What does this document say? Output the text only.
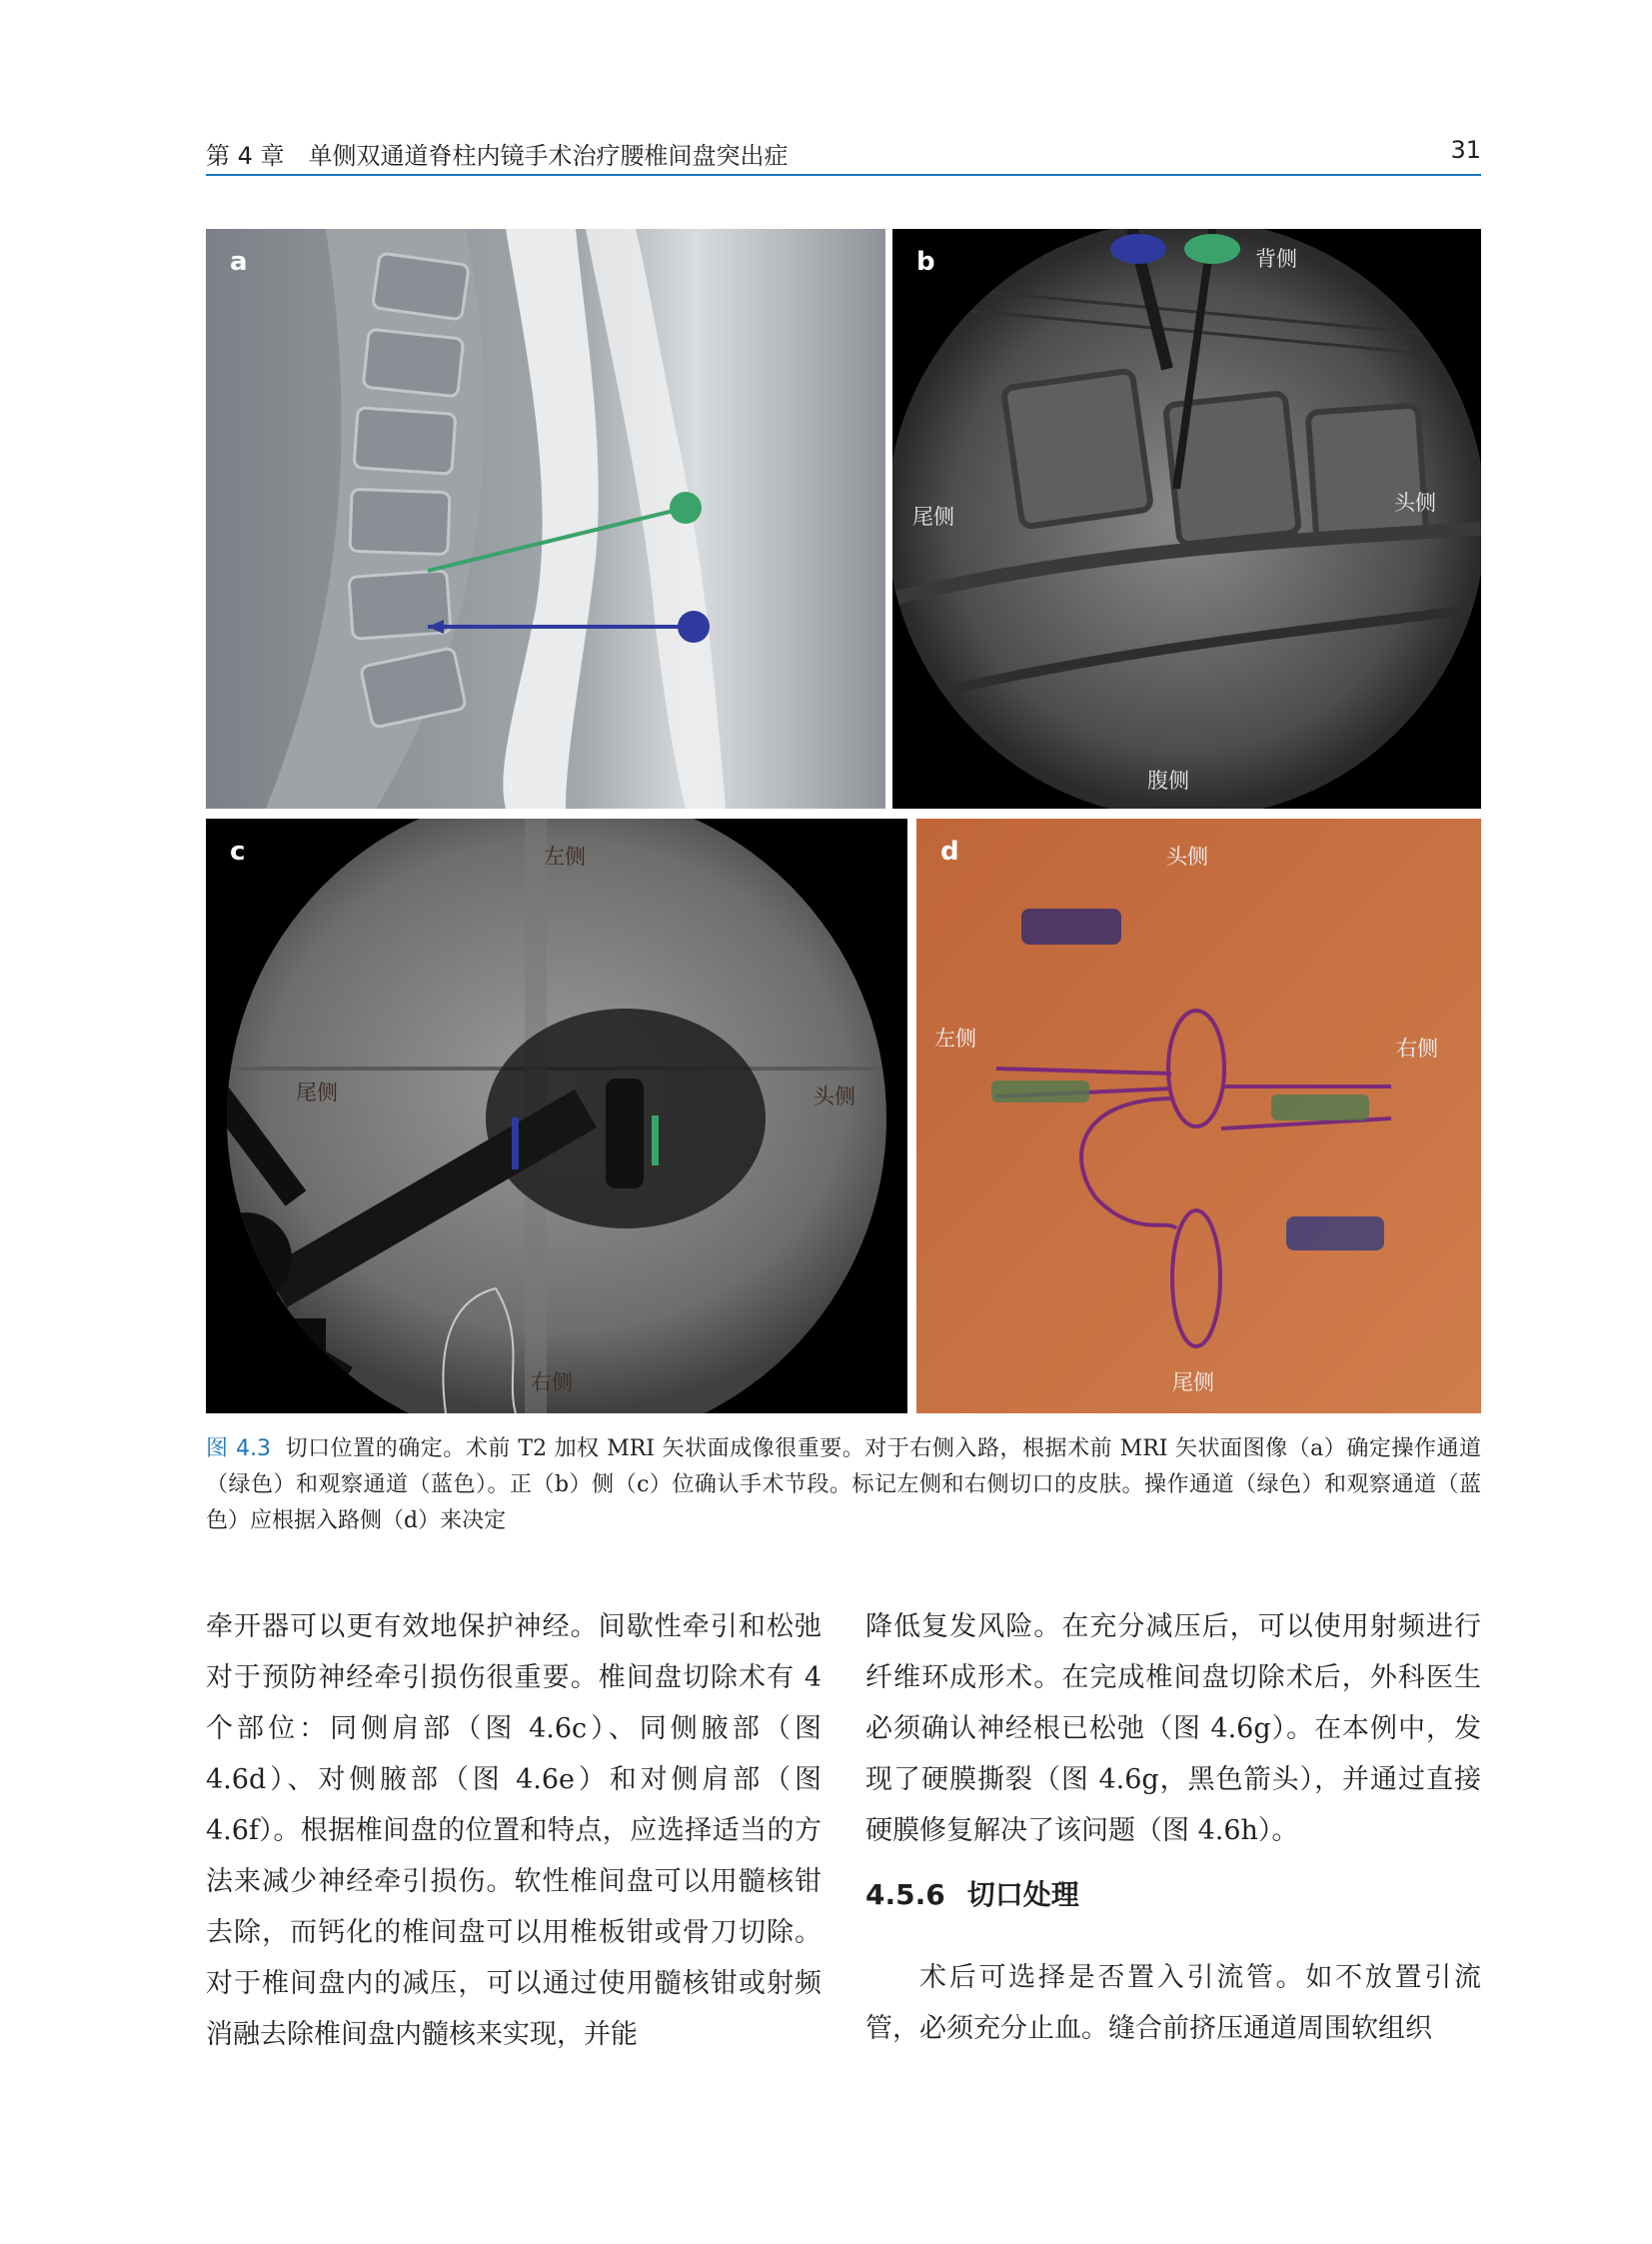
第 4 章　单侧双通道脊柱内镜手术治疗腰椎间盘突出症	31
a
F
b	背侧
尾侧
头侧
腹侧
c	左侧
尾侧	头侧
右侧
d	头侧
左侧	右侧
尾侧
图 4.3 切口位置的确定。术前 T2 加权 MRI 矢状面成像很重要。对于右侧入路，根据术前 MRI 矢状面图像（a）确定操作通道（绿色）和观察通道（蓝色）。正（b）侧（c）位确认手术节段。标记左侧和右侧切口的皮肤。操作通道（绿色）和观察通道（蓝色）应根据入路侧（d）来决定

牵开器可以更有效地保护神经。间歇性牵引和松弛对于预防神经牵引损伤很重要。椎间盘切除术有 4 个部位：同侧肩部（图 4.6c）、同侧腋部（图 4.6d）、对侧腋部（图 4.6e）和对侧肩部（图 4.6f）。根据椎间盘的位置和特点，应选择适当的方法来减少神经牵引损伤。软性椎间盘可以用髓核钳去除，而钙化的椎间盘可以用椎板钳或骨刀切除。对于椎间盘内的减压，可以通过使用髓核钳或射频消融去除椎间盘内髓核来实现，并能

降低复发风险。在充分减压后，可以使用射频进行纤维环成形术。在完成椎间盘切除术后，外科医生必须确认神经根已松弛（图 4.6g）。在本例中，发现了硬膜撕裂（图 4.6g，黑色箭头），并通过直接硬膜修复解决了该问题（图 4.6h）。

4.5.6 切口处理

术后可选择是否置入引流管。如不放置引流管，必须充分止血。缝合前挤压通道周围软组织
